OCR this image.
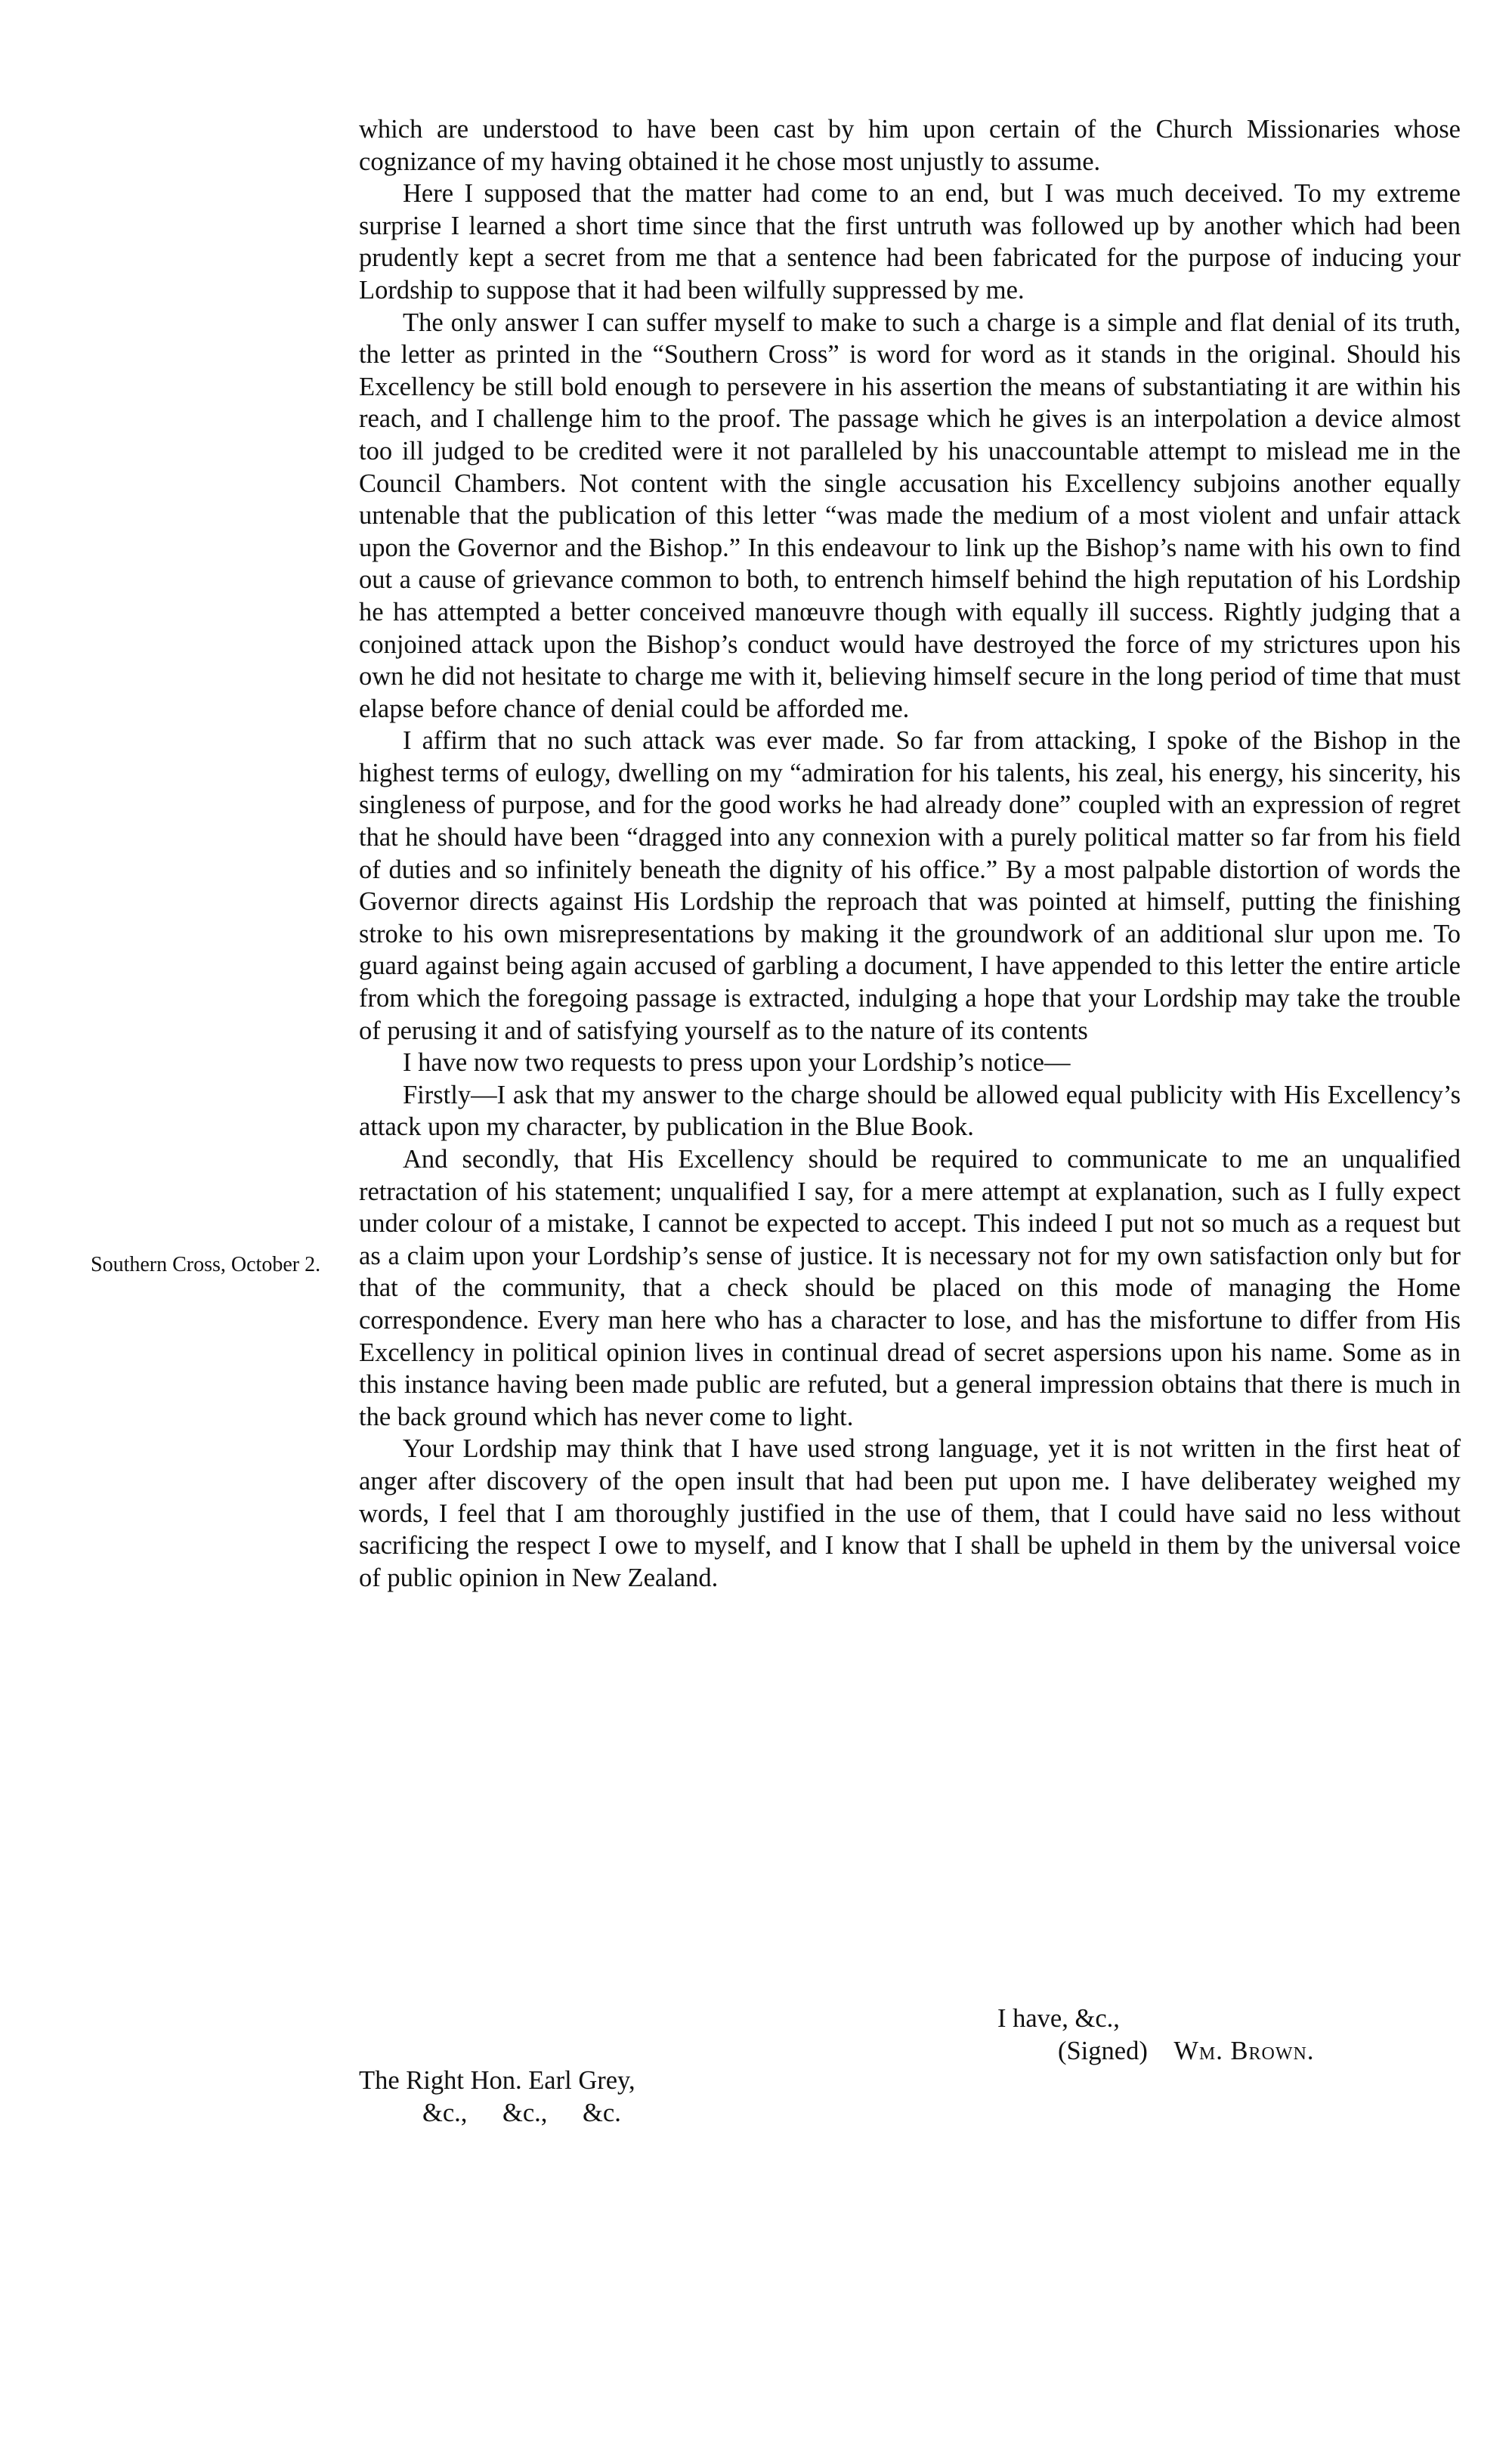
which are understood to have been cast by him upon certain of the Church Missionaries whose cognizance of my having obtained it he chose most unjustly to assume.

Here I supposed that the matter had come to an end, but I was much deceived. To my extreme surprise I learned a short time since that the first untruth was followed up by another which had been prudently kept a secret from me that a sentence had been fabricated for the purpose of inducing your Lordship to suppose that it had been wilfully suppressed by me.

The only answer I can suffer myself to make to such a charge is a simple and flat denial of its truth, the letter as printed in the “Southern Cross” is word for word as it stands in the original. Should his Excellency be still bold enough to persevere in his assertion the means of substantiating it are within his reach, and I challenge him to the proof. The passage which he gives is an interpolation a device almost too ill judged to be credited were it not paralleled by his unaccountable attempt to mislead me in the Council Chambers. Not content with the single accusation his Excellency subjoins another equally untenable that the publication of this letter “was made the medium of a most violent and unfair attack upon the Governor and the Bishop.” In this endeavour to link up the Bishop’s name with his own to find out a cause of grievance common to both, to entrench himself behind the high reputation of his Lordship he has attempted a better conceived manœuvre though with equally ill success. Rightly judging that a conjoined attack upon the Bishop’s conduct would have destroyed the force of my strictures upon his own he did not hesitate to charge me with it, believing himself secure in the long period of time that must elapse before chance of denial could be afforded me.

I affirm that no such attack was ever made. So far from attacking, I spoke of the Bishop in the highest terms of eulogy, dwelling on my “admiration for his talents, his zeal, his energy, his sincerity, his singleness of purpose, and for the good works he had already done” coupled with an expression of regret that he should have been “dragged into any connexion with a purely political matter so far from his field of duties and so infinitely beneath the dignity of his office.” By a most palpable distortion of words the Governor directs against His Lordship the reproach that was pointed at himself, putting the finishing stroke to his own misrepresentations by making it the groundwork of an additional slur upon me. To guard against being again accused of garbling a document, I have appended to this letter the entire article from which the foregoing passage is extracted, indulging a hope that your Lordship may take the trouble of perusing it and of satisfying yourself as to the nature of its contents

I have now two requests to press upon your Lordship’s notice—

Firstly—I ask that my answer to the charge should be allowed equal publicity with His Excellency’s attack upon my character, by publication in the Blue Book.

And secondly, that His Excellency should be required to communicate to me an unqualified retractation of his statement; unqualified I say, for a mere attempt at explanation, such as I fully expect under colour of a mistake, I cannot be expected to accept. This indeed I put not so much as a request but as a claim upon your Lordship’s sense of justice. It is necessary not for my own satisfaction only but for that of the community, that a check should be placed on this mode of managing the Home correspondence. Every man here who has a character to lose, and has the misfortune to differ from His Excellency in political opinion lives in continual dread of secret aspersions upon his name. Some as in this instance having been made public are refuted, but a general impression obtains that there is much in the back ground which has never come to light.

Your Lordship may think that I have used strong language, yet it is not written in the first heat of anger after discovery of the open insult that had been put upon me. I have deliberatey weighed my words, I feel that I am thoroughly justified in the use of them, that I could have said no less without sacrificing the respect I owe to myself, and I know that I shall be upheld in them by the universal voice of public opinion in New Zealand.

Southern Cross, October 2.
I have, &c.,
(Signed) Wm. Brown.
The Right Hon. Earl Grey,
&c., &c., &c.
